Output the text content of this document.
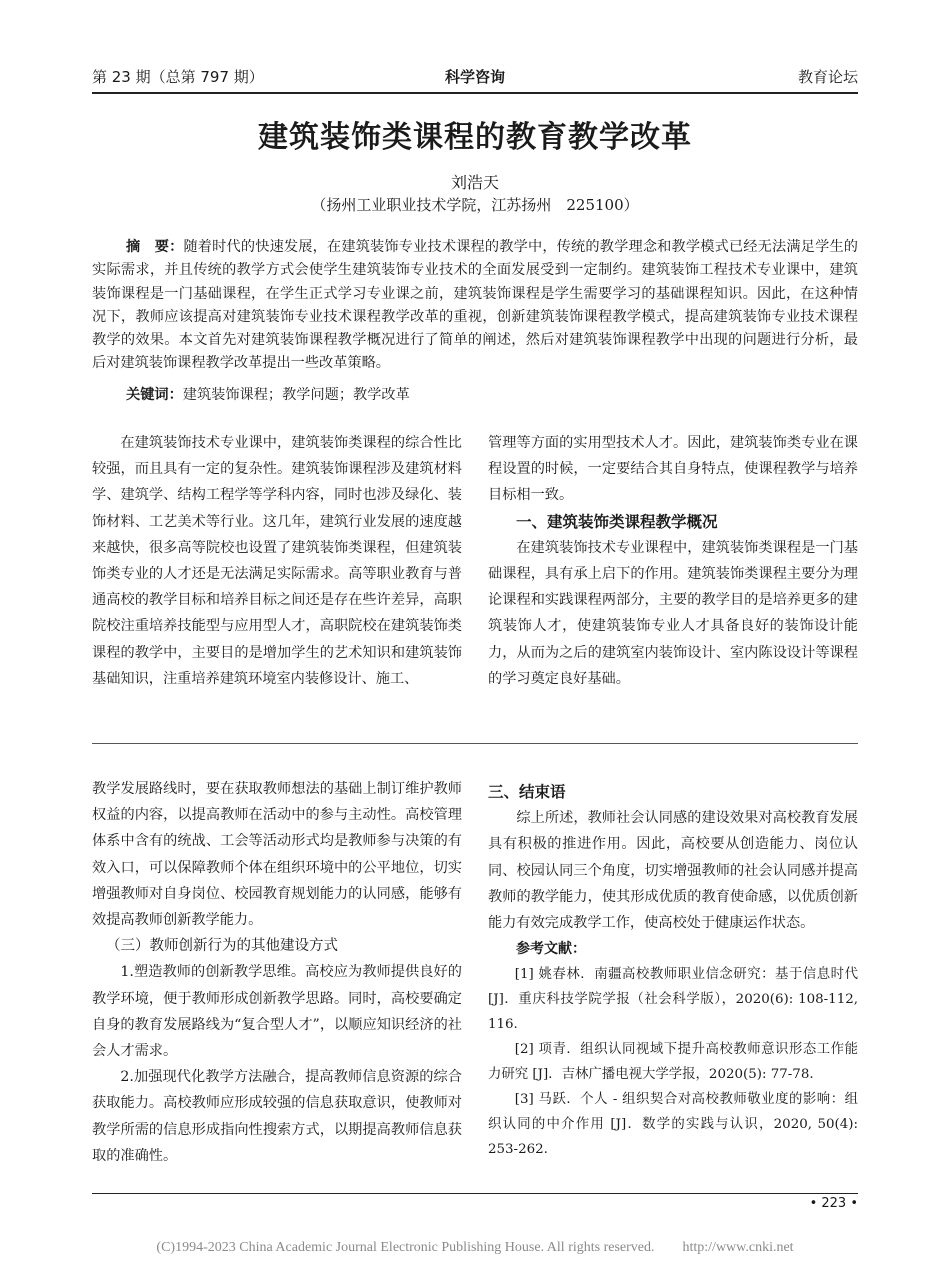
第 23 期（总第 797 期）	科学咨询	教育论坛
建筑装饰类课程的教育教学改革
刘浩天
（扬州工业职业技术学院，江苏扬州　225100）
摘　要：随着时代的快速发展，在建筑装饰专业技术课程的教学中，传统的教学理念和教学模式已经无法满足学生的实际需求，并且传统的教学方式会使学生建筑装饰专业技术的全面发展受到一定制约。建筑装饰工程技术专业课中，建筑装饰课程是一门基础课程，在学生正式学习专业课之前，建筑装饰课程是学生需要学习的基础课程知识。因此，在这种情况下，教师应该提高对建筑装饰专业技术课程教学改革的重视，创新建筑装饰课程教学模式，提高建筑装饰专业技术课程教学的效果。本文首先对建筑装饰课程教学概况进行了简单的阐述，然后对建筑装饰课程教学中出现的问题进行分析，最后对建筑装饰课程教学改革提出一些改革策略。
关键词：建筑装饰课程；教学问题；教学改革

在建筑装饰技术专业课中，建筑装饰类课程的综合性比较强，而且具有一定的复杂性。建筑装饰课程涉及建筑材料学、建筑学、结构工程学等学科内容，同时也涉及绿化、装饰材料、工艺美术等行业。这几年，建筑行业发展的速度越来越快，很多高等院校也设置了建筑装饰类课程，但建筑装饰类专业的人才还是无法满足实际需求。高等职业教育与普通高校的教学目标和培养目标之间还是存在些许差异，高职院校注重培养技能型与应用型人才，高职院校在建筑装饰类课程的教学中，主要目的是增加学生的艺术知识和建筑装饰基础知识，注重培养建筑环境室内装修设计、施工、

管理等方面的实用型技术人才。因此，建筑装饰类专业在课程设置的时候，一定要结合其自身特点，使课程教学与培养目标相一致。

一、建筑装饰类课程教学概况

在建筑装饰技术专业课程中，建筑装饰类课程是一门基础课程，具有承上启下的作用。建筑装饰类课程主要分为理论课程和实践课程两部分，主要的教学目的是培养更多的建筑装饰人才，使建筑装饰专业人才具备良好的装饰设计能力，从而为之后的建筑室内装饰设计、室内陈设设计等课程的学习奠定良好基础。

教学发展路线时，要在获取教师想法的基础上制订维护教师权益的内容，以提高教师在活动中的参与主动性。高校管理体系中含有的统战、工会等活动形式均是教师参与决策的有效入口，可以保障教师个体在组织环境中的公平地位，切实增强教师对自身岗位、校园教育规划能力的认同感，能够有效提高教师创新教学能力。

（三）教师创新行为的其他建设方式

1.塑造教师的创新教学思维。高校应为教师提供良好的教学环境，便于教师形成创新教学思路。同时，高校要确定自身的教育发展路线为“复合型人才”，以顺应知识经济的社会人才需求。

2.加强现代化教学方法融合，提高教师信息资源的综合获取能力。高校教师应形成较强的信息获取意识，使教师对教学所需的信息形成指向性搜索方式，以期提高教师信息获取的准确性。

三、结束语

综上所述，教师社会认同感的建设效果对高校教育发展具有积极的推进作用。因此，高校要从创造能力、岗位认同、校园认同三个角度，切实增强教师的社会认同感并提高教师的教学能力，使其形成优质的教育使命感，以优质创新能力有效完成教学工作，使高校处于健康运作状态。

参考文献：

[1] 姚春林．南疆高校教师职业信念研究：基于信息时代 [J]．重庆科技学院学报（社会科学版），2020(6): 108-112, 116.

[2] 项青．组织认同视域下提升高校教师意识形态工作能力研究 [J]．吉林广播电视大学学报，2020(5): 77-78.

[3] 马跃．个人 - 组织契合对高校教师敬业度的影响：组织认同的中介作用 [J]．数学的实践与认识，2020, 50(4): 253-262.

• 223 •
(C)1994-2023 China Academic Journal Electronic Publishing House. All rights reserved.　　http://www.cnki.net
